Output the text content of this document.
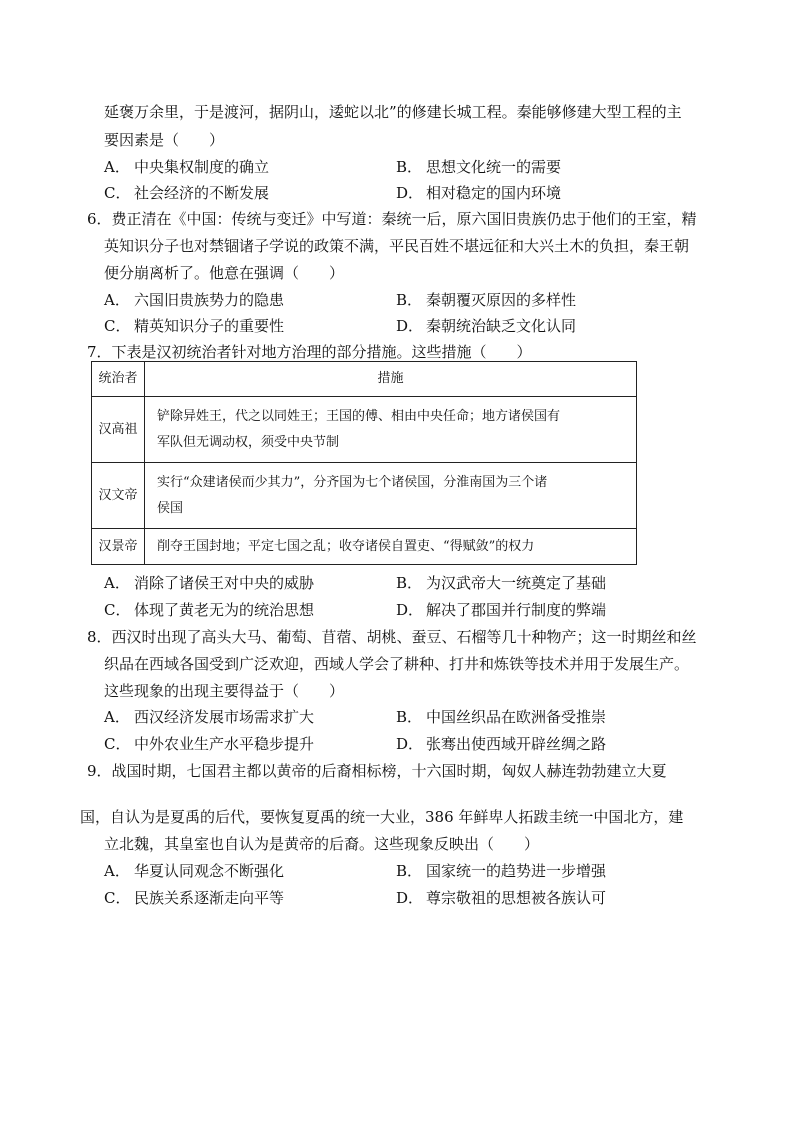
延褒万余里，于是渡河，据阴山，逶蛇以北”的修建长城工程。秦能够修建大型工程的主
要因素是（　　）
A． 中央集权制度的确立	B． 思想文化统一的需要
C． 社会经济的不断发展	D． 相对稳定的国内环境
6．费正清在《中国：传统与变迁》中写道：秦统一后，原六国旧贵族仍忠于他们的王室，精
英知识分子也对禁锢诸子学说的政策不满，平民百姓不堪远征和大兴土木的负担，秦王朝
便分崩离析了。他意在强调（　　）
A． 六国旧贵族势力的隐患	B． 秦朝覆灭原因的多样性
C． 精英知识分子的重要性	D． 秦朝统治缺乏文化认同
7．下表是汉初统治者针对地方治理的部分措施。这些措施（　　）
统治者	措施
汉高祖	铲除异姓王，代之以同姓王；王国的傅、相由中央任命；地方诸侯国有
军队但无调动权，须受中央节制

汉文帝	实行“众建诸侯而少其力”，分齐国为七个诸侯国，分淮南国为三个诸
侯国

汉景帝	削夺王国封地；平定七国之乱；收夺诸侯自置吏、“得赋敛”的权力
A． 消除了诸侯王对中央的威胁	B． 为汉武帝大一统奠定了基础
C． 体现了黄老无为的统治思想	D． 解决了郡国并行制度的弊端
8．西汉时出现了高头大马、葡萄、苜蓿、胡桃、蚕豆、石榴等几十种物产；这一时期丝和丝
织品在西域各国受到广泛欢迎，西域人学会了耕种、打井和炼铁等技术并用于发展生产。
这些现象的出现主要得益于（　　）
A． 西汉经济发展市场需求扩大	B． 中国丝织品在欧洲备受推崇
C． 中外农业生产水平稳步提升	D． 张骞出使西域开辟丝绸之路
9．战国时期，七国君主都以黄帝的后裔相标榜，十六国时期，匈奴人赫连勃勃建立大夏
国，自认为是夏禹的后代，要恢复夏禹的统一大业，386 年鲜卑人拓跋圭统一中国北方，建
立北魏，其皇室也自认为是黄帝的后裔。这些现象反映出（　　）
A． 华夏认同观念不断强化	B． 国家统一的趋势进一步增强
C． 民族关系逐渐走向平等	D． 尊宗敬祖的思想被各族认可
